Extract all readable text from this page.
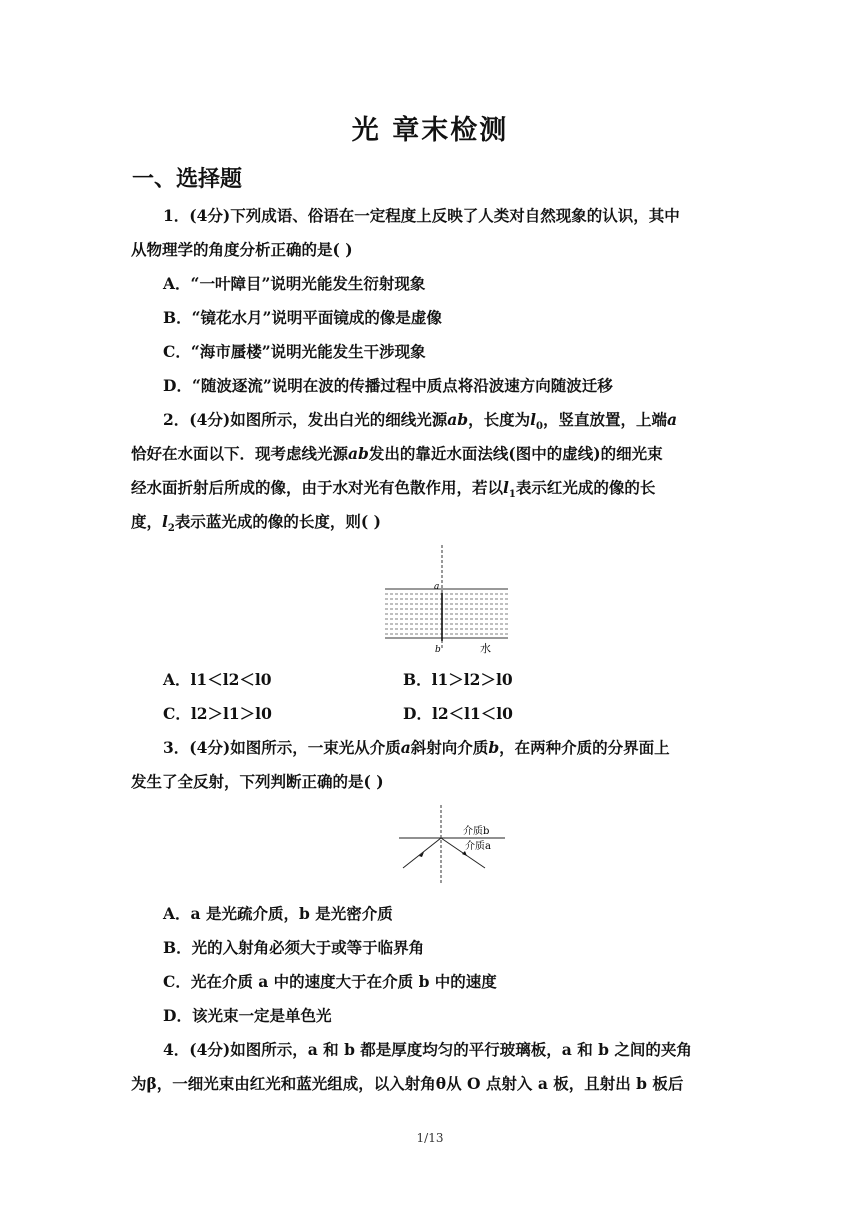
光 章末检测
一、选择题
1．(4分)下列成语、俗语在一定程度上反映了人类对自然现象的认识，其中
从物理学的角度分析正确的是( )
A．“一叶障目”说明光能发生衍射现象
B．“镜花水月”说明平面镜成的像是虚像
C．“海市蜃楼”说明光能发生干涉现象
D．“随波逐流”说明在波的传播过程中质点将沿波速方向随波迁移
2．(4分)如图所示，发出白光的细线光源ab，长度为$l_0$，竖直放置，上端a
恰好在水面以下．现考虑线光源ab发出的靠近水面法线(图中的虚线)的细光束
经水面折射后所成的像，由于水对光有色散作用，若以$l_1$表示红光成的像的长
度，$l_2$表示蓝光成的像的长度，则( )
a
b	水
A．l1＜l2＜l0	B．l1＞l2＞l0
C．l2＞l1＞l0	D．l2＜l1＜l0
3．(4分)如图所示，一束光从介质a斜射向介质b，在两种介质的分界面上
发生了全反射，下列判断正确的是( )
介质b
介质a
A．a 是光疏介质，b 是光密介质
B．光的入射角必须大于或等于临界角
C．光在介质 a 中的速度大于在介质 b 中的速度
D．该光束一定是单色光
4．(4分)如图所示，a 和 b 都是厚度均匀的平行玻璃板，a 和 b 之间的夹角
为β，一细光束由红光和蓝光组成，以入射角θ从 O 点射入 a 板，且射出 b 板后
1/13
